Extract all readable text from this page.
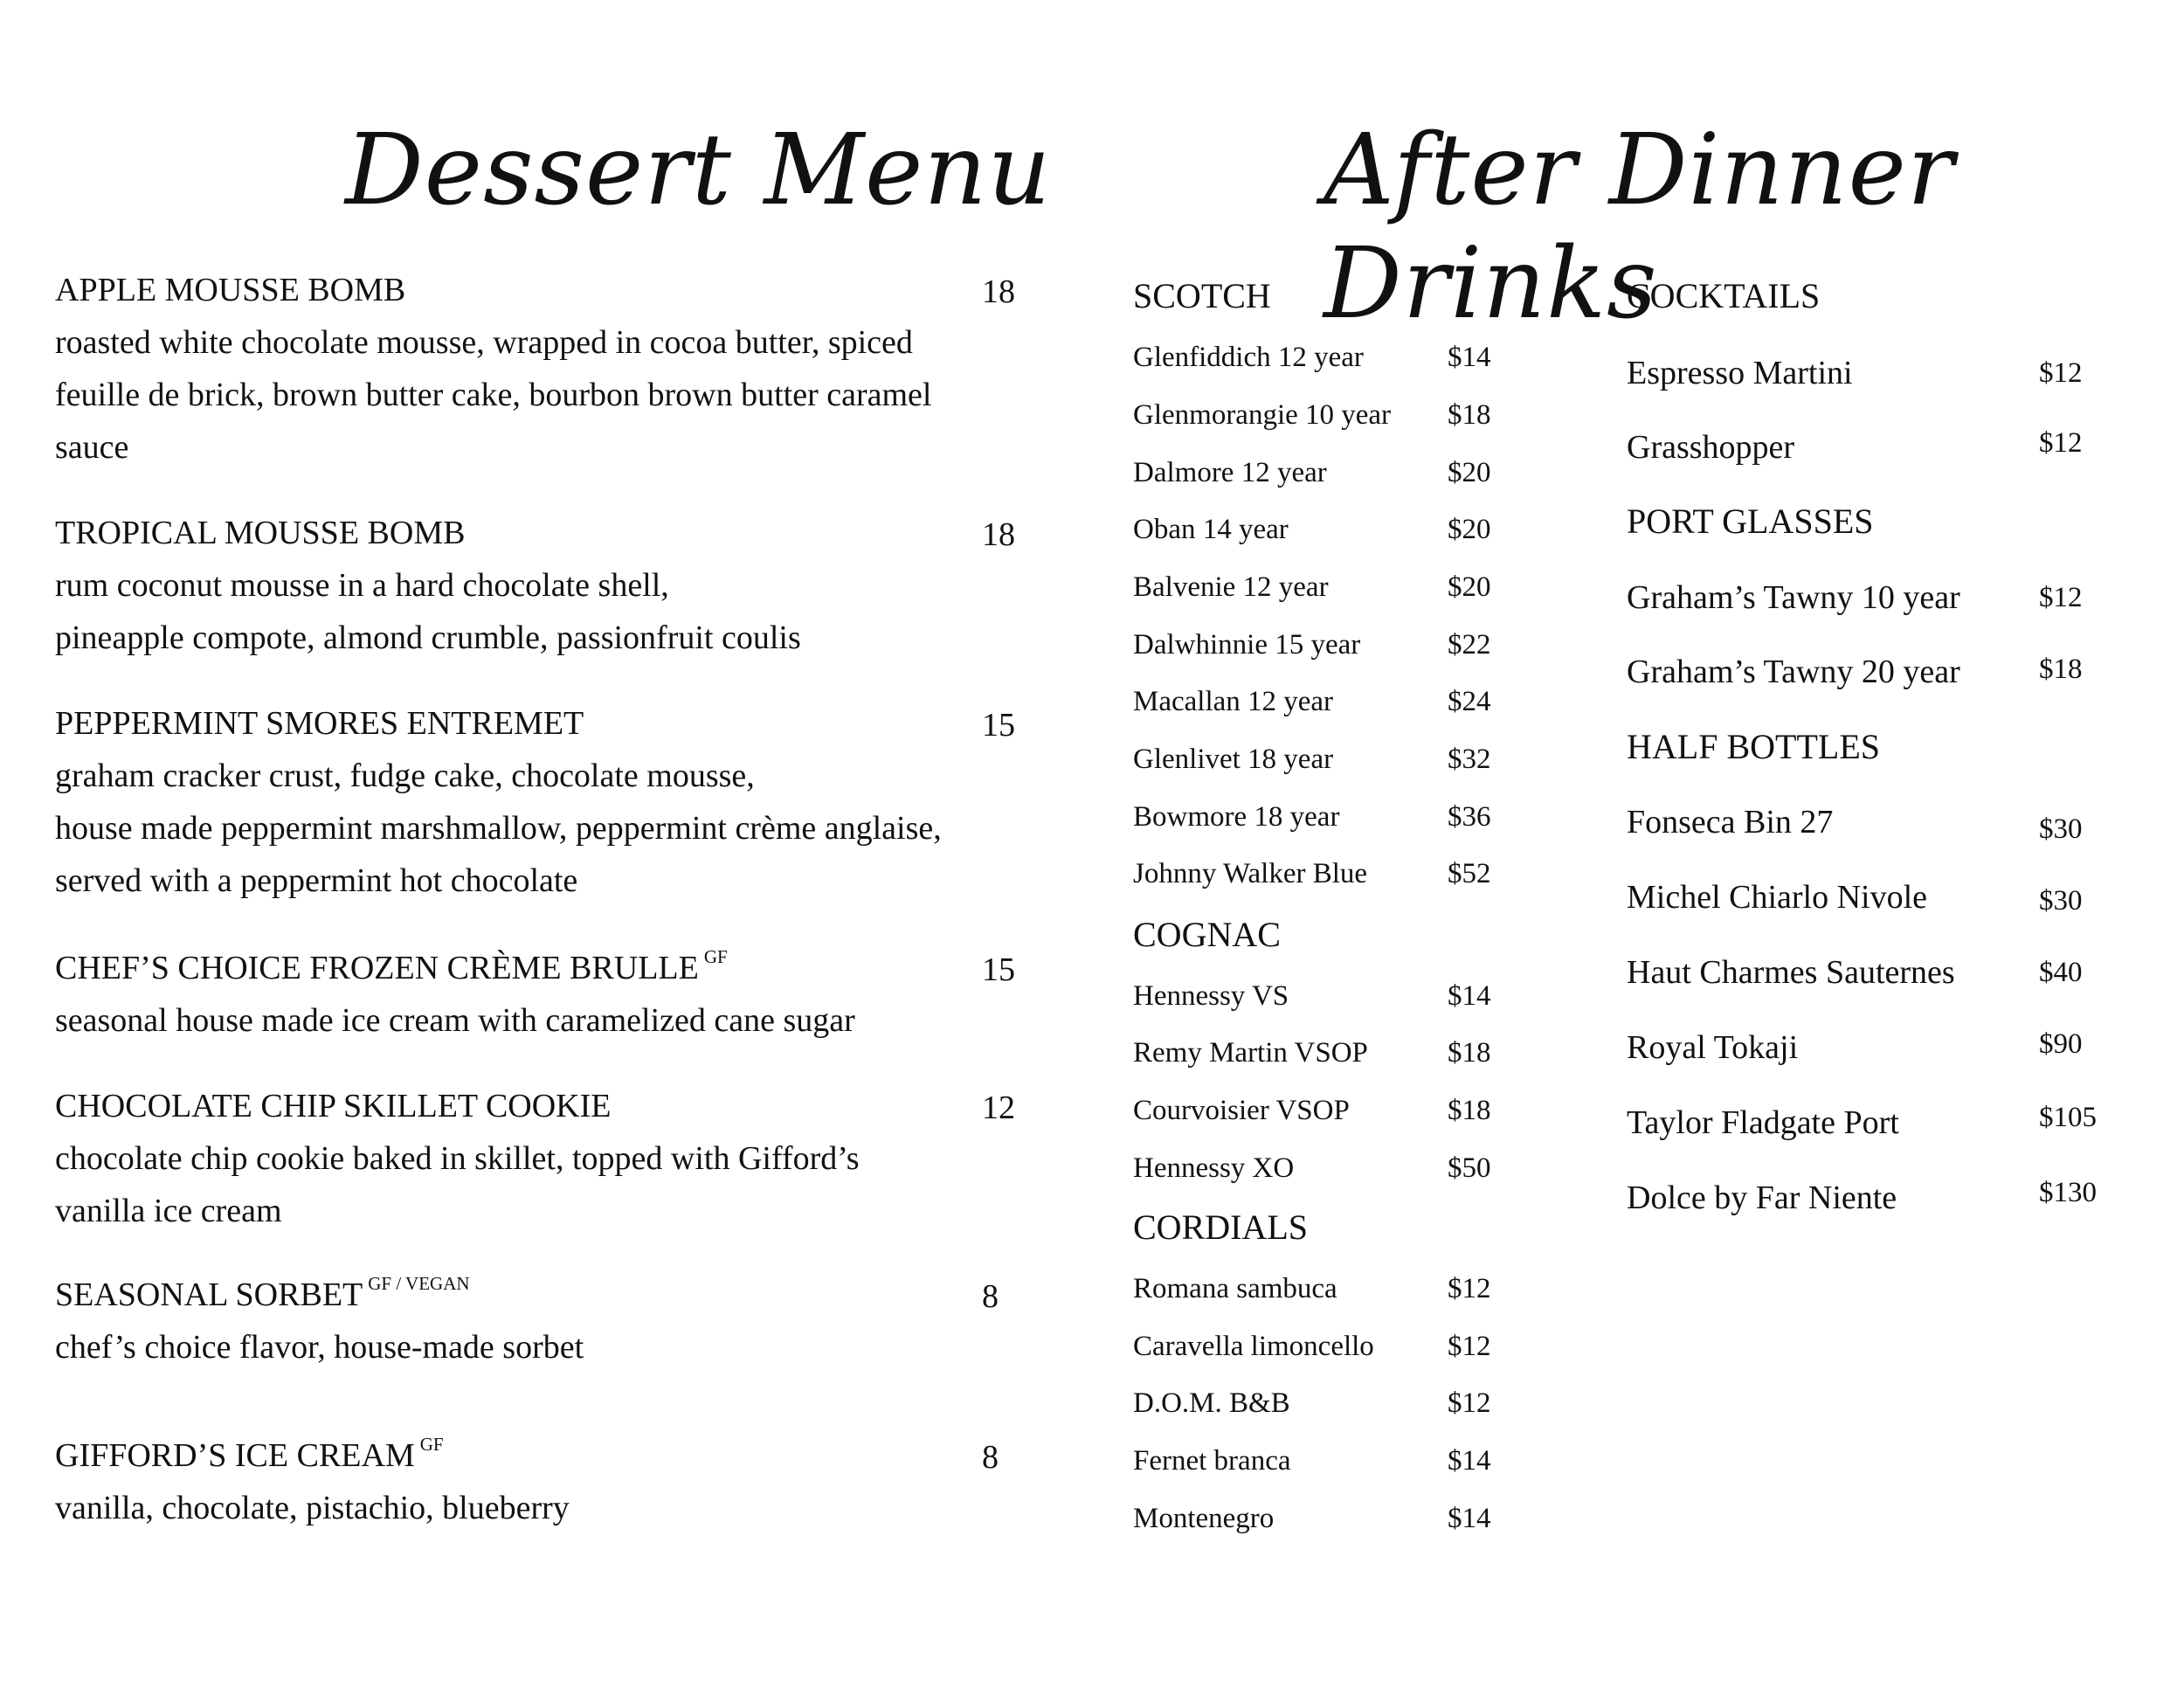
Dessert Menu	After Dinner Drinks
APPLE MOUSSE BOMB	18
roasted white chocolate mousse, wrapped in cocoa butter, spiced feuille de brick, brown butter cake, bourbon brown butter caramel sauce
TROPICAL MOUSSE BOMB	18
rum coconut mousse in a hard chocolate shell,
pineapple compote, almond crumble, passionfruit coulis
PEPPERMINT SMORES ENTREMET	15
graham cracker crust, fudge cake, chocolate mousse,
house made peppermint marshmallow, peppermint crème anglaise, served with a peppermint hot chocolate
CHEF’S CHOICE FROZEN CRÈME BRULLE GF	15
seasonal house made ice cream with caramelized cane sugar
CHOCOLATE CHIP SKILLET COOKIE	12
chocolate chip cookie baked in skillet, topped with Gifford’s vanilla ice cream
SEASONAL SORBET GF / VEGAN	8
chef’s choice flavor, house-made sorbet
GIFFORD’S ICE CREAM GF	8
vanilla, chocolate, pistachio, blueberry
SCOTCH
Glenfiddich 12 year	$14
Glenmorangie 10 year $18
Dalmore 12 year	$20
Oban 14 year	$20
Balvenie 12 year	$20
Dalwhinnie 15 year	$22
Macallan 12 year	$24
Glenlivet 18 year	$32
Bowmore 18 year	$36
Johnny Walker Blue	$52
COGNAC
Hennessy VS	$14
Remy Martin VSOP	$18
Courvoisier VSOP	$18
Hennessy XO	$50
CORDIALS
Romana sambuca	$12
Caravella limoncello	$12
D.O.M. B&B	$12
Fernet branca	$14
Montenegro	$14
COCKTAILS
Espresso Martini	$12
Grasshopper	$12
PORT GLASSES
Graham’s Tawny 10 year	$12
Graham’s Tawny 20 year	$18
HALF BOTTLES
Fonseca Bin 27	$30
Michel Chiarlo Nivole	$30
Haut Charmes Sauternes	$40
Royal Tokaji	$90
Taylor Fladgate Port	$105
Dolce by Far Niente	$130
